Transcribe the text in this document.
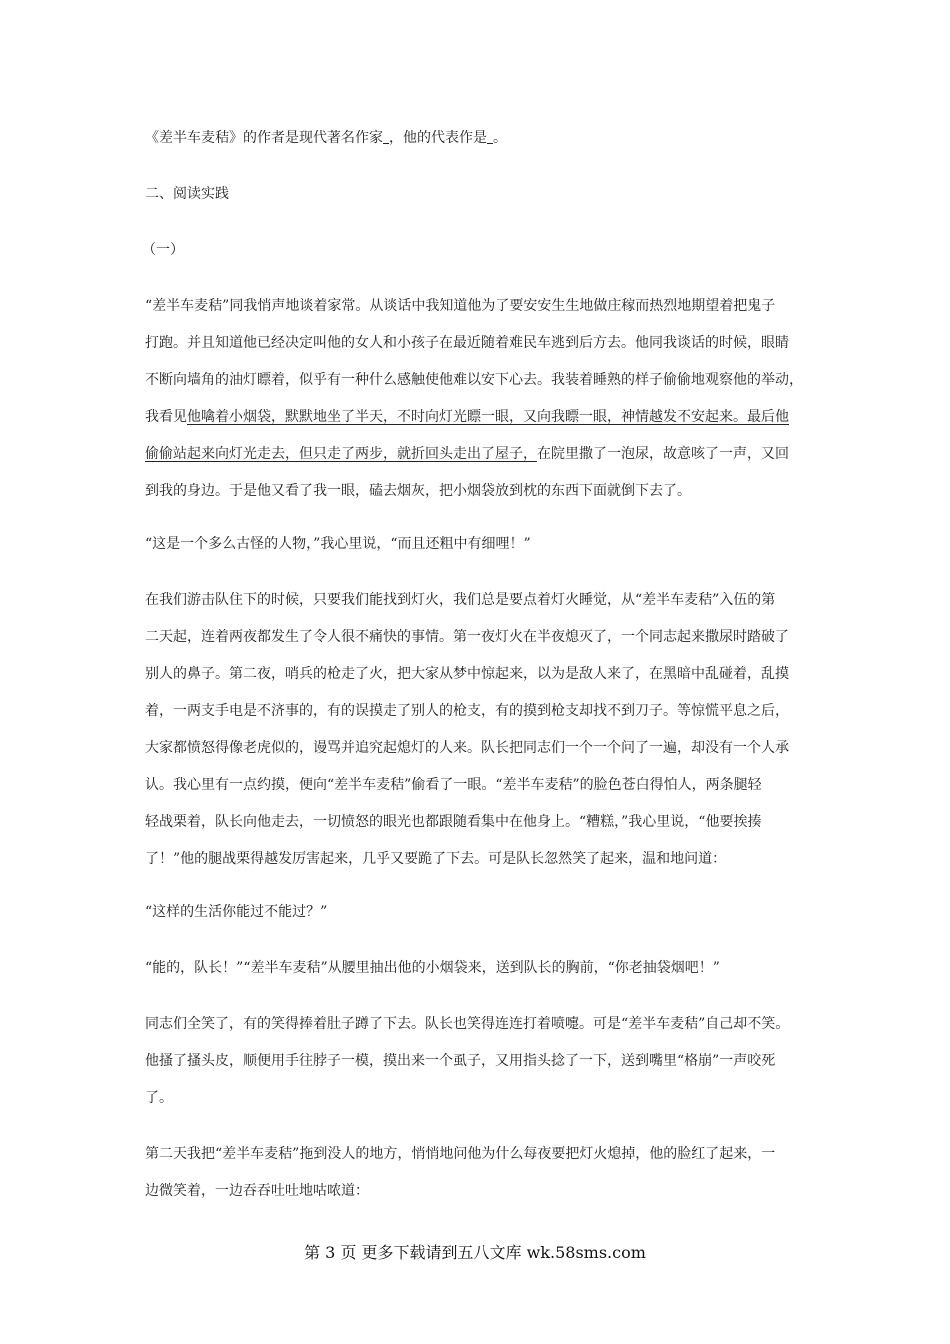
《差半车麦秸》的作者是现代著名作家 ，他的代表作是 。

二、阅读实践

（一）

“差半车麦秸”同我悄声地谈着家常。从谈话中我知道他为了要安安生生地做庄稼而热烈地期望着把鬼子
打跑。并且知道他已经决定叫他的女人和小孩子在最近随着难民车逃到后方去。他同我谈话的时候，眼睛
不断向墙角的油灯瞟着，似乎有一种什么感触使他难以安下心去。我装着睡熟的样子偷偷地观察他的举动，
我看见他噙着小烟袋，默默地坐了半天，不时向灯光瞟一眼，又向我瞟一眼，神情越发不安起来。最后他
偷偷站起来向灯光走去，但只走了两步，就折回头走出了屋子，在院里撒了一泡尿，故意咳了一声，又回
到我的身边。于是他又看了我一眼，磕去烟灰，把小烟袋放到枕的东西下面就倒下去了。

“这是一个多么古怪的人物，”我心里说，“而且还粗中有细哩！”

在我们游击队住下的时候，只要我们能找到灯火，我们总是要点着灯火睡觉，从“差半车麦秸”入伍的第
二天起，连着两夜都发生了令人很不痛快的事情。第一夜灯火在半夜熄灭了，一个同志起来撒尿时踏破了
别人的鼻子。第二夜，哨兵的枪走了火，把大家从梦中惊起来，以为是敌人来了，在黑暗中乱碰着，乱摸
着，一两支手电是不济事的，有的误摸走了别人的枪支，有的摸到枪支却找不到刀子。等惊慌平息之后，
大家都愤怒得像老虎似的，谩骂并追究起熄灯的人来。队长把同志们一个一个问了一遍，却没有一个人承
认。我心里有一点约摸，便向“差半车麦秸”偷看了一眼。“差半车麦秸”的脸色苍白得怕人，两条腿轻
轻战栗着，队长向他走去，一切愤怒的眼光也都跟随看集中在他身上。“糟糕，”我心里说，“他要挨揍
了！”他的腿战栗得越发厉害起来，几乎又要跪了下去。可是队长忽然笑了起来，温和地问道：

“这样的生活你能过不能过？”

“能的，队长！”“差半车麦秸”从腰里抽出他的小烟袋来，送到队长的胸前，“你老抽袋烟吧！”

同志们全笑了，有的笑得捧着肚子蹲了下去。队长也笑得连连打着喷嚏。可是“差半车麦秸”自己却不笑。
他搔了搔头皮，顺便用手往脖子一模，摸出来一个虱子，又用指头捻了一下，送到嘴里“格崩”一声咬死
了。
第二天我把“差半车麦秸”拖到没人的地方，悄悄地问他为什么每夜要把灯火熄掉，他的脸红了起来，一
边微笑着，一边吞吞吐吐地咕哝道：
第 3 页 更多下载请到五八文库 wk.58sms.com
